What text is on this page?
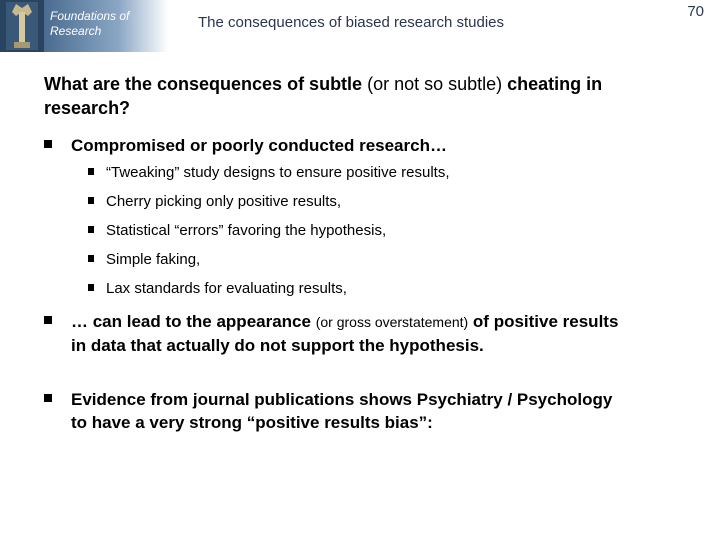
Foundations of Research	The consequences of biased research studies
70
What are the consequences of subtle (or not so subtle) cheating in research?
Compromised or poorly conducted research…
“Tweaking” study designs to ensure positive results,
Cherry picking only positive results,
Statistical “errors” favoring the hypothesis,
Simple faking,
Lax standards for evaluating results,
… can lead to the appearance (or gross overstatement) of positive results in data that actually do not support the hypothesis.
Evidence from journal publications shows Psychiatry / Psychology to have a very strong “positive results bias”:
